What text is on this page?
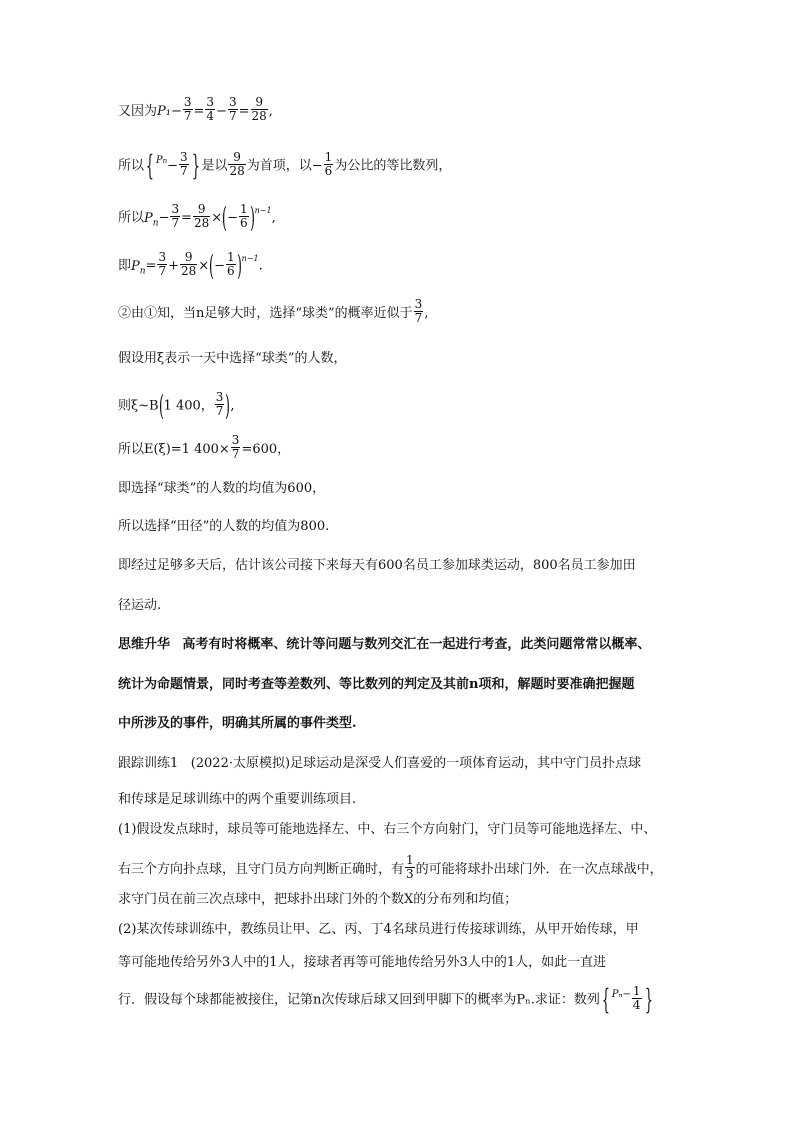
又因为$P_1- \frac{3}{7} = \frac{3}{4} - \frac{3}{7} = \frac{9}{28}$ ,
所以{ $^{Pn}- \frac{3}{7}$ } 是以 $\frac{9}{28}$ 为首项，以− $\frac{1}{6}$ 为公比的等比数列，
所以$P_n- \frac{3}{7} = \frac{9}{28}$ ×(− $\frac{1}{6} )^{n-1}$,
即$P_n= \frac{3}{7} + \frac{9}{28}$ ×(− $\frac{1}{6} )^{n-1}$.
②由①知，当n足够大时，选择“球类”的概率近似于 $\frac{3}{7}$ ,
假设用ξ表示一天中选择“球类”的人数，
则ξ∼B(1 400， $\frac{3}{7}$ ),
所以E(ξ)=1 $400\times \frac{3}{7} =600$，
即选择“球类”的人数的均值为600，
所以选择“田径”的人数的均值为800.
即经过足够多天后，估计该公司接下来每天有600名员工参加球类运动，800名员工参加田
径运动.
思维升华 高考有时将概率、统计等问题与数列交汇在一起进行考查，此类问题常常以概率、
统计为命题情景，同时考查等差数列、等比数列的判定及其前n项和，解题时要准确把握题
中所涉及的事件，明确其所属的事件类型.
跟踪训练1 (2022·太原模拟)足球运动是深受人们喜爱的一项体育运动，其中守门员扑点球
和传球是足球训练中的两个重要训练项目.
(1)假设发点球时，球员等可能地选择左、中、右三个方向射门，守门员等可能地选择左、中、
右三个方向扑点球，且守门员方向判断正确时，有 $\frac{1}{3}$ 的可能将球扑出球门外．在一次点球战中，
求守门员在前三次点球中，把球扑出球门外的个数X的分布列和均值；
(2)某次传球训练中，教练员让甲、乙、丙、丁4名球员进行传接球训练，从甲开始传球，甲
等可能地传给另外3人中的1人，接球者再等可能地传给另外3人中的1人，如此一直进
行．假设每个球都能被接住，记第n次传球后球又回到甲脚下的概率为Pₙ.求证：数列{ $^{P_n-} \frac{1}{4}$ }
